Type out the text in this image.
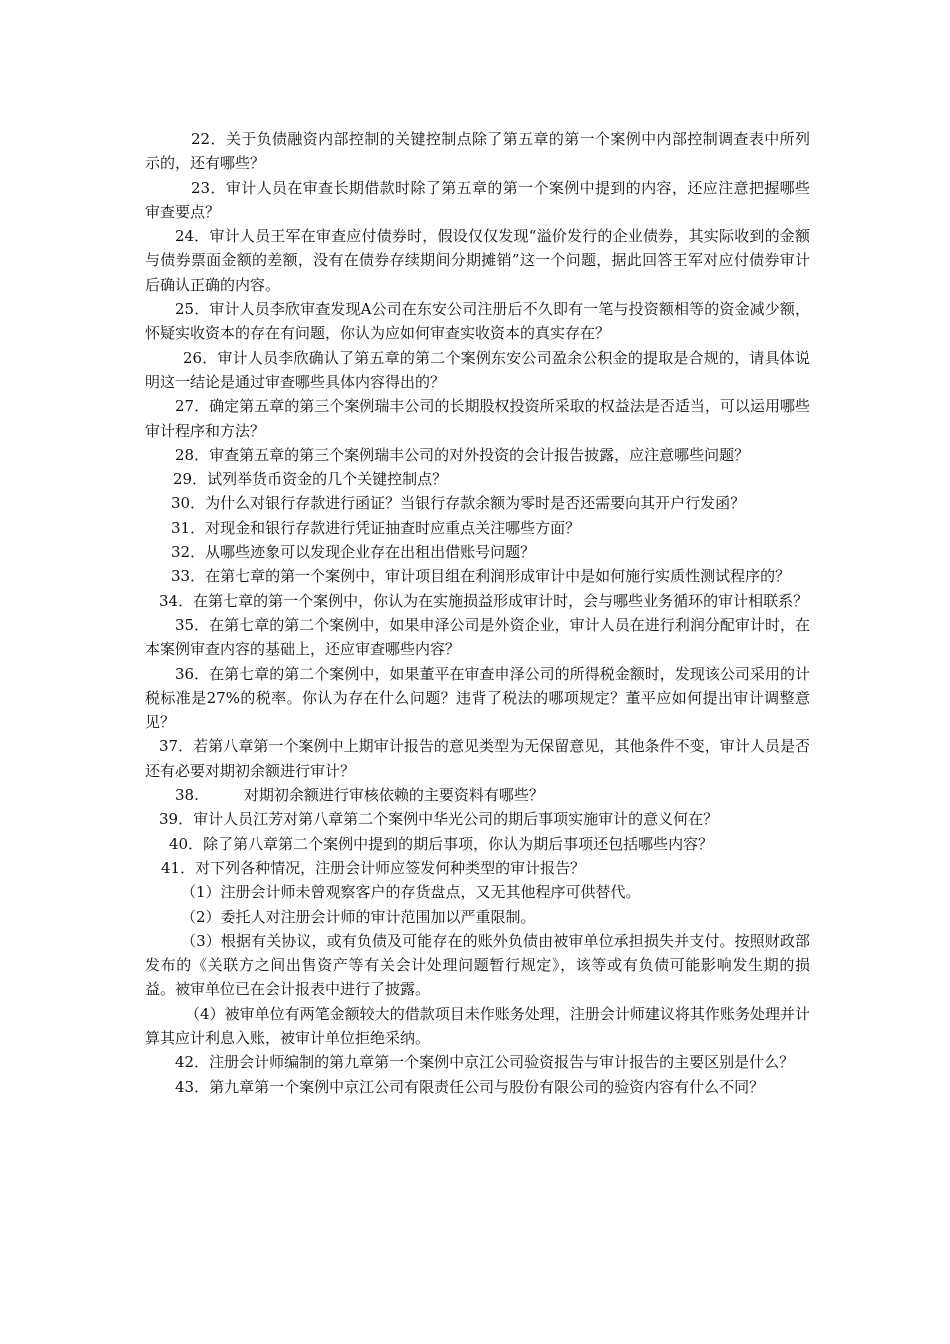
22．关于负债融资内部控制的关键控制点除了第五章的第一个案例中内部控制调查表中所列示的，还有哪些？

23．审计人员在审查长期借款时除了第五章的第一个案例中提到的内容，还应注意把握哪些审查要点？

24．审计人员王军在审查应付债券时，假设仅仅发现“溢价发行的企业债券，其实际收到的金额与债券票面金额的差额，没有在债券存续期间分期摊销”这一个问题，据此回答王军对应付债券审计后确认正确的内容。

25．审计人员李欣审查发现A公司在东安公司注册后不久即有一笔与投资额相等的资金减少额，怀疑实收资本的存在有问题，你认为应如何审查实收资本的真实存在？

26．审计人员李欣确认了第五章的第二个案例东安公司盈余公积金的提取是合规的，请具体说明这一结论是通过审查哪些具体内容得出的？

27．确定第五章的第三个案例瑞丰公司的长期股权投资所采取的权益法是否适当，可以运用哪些审计程序和方法？

28．审查第五章的第三个案例瑞丰公司的对外投资的会计报告披露，应注意哪些问题？

29．试列举货币资金的几个关键控制点？

30．为什么对银行存款进行函证？当银行存款余额为零时是否还需要向其开户行发函？

31．对现金和银行存款进行凭证抽查时应重点关注哪些方面？

32．从哪些迹象可以发现企业存在出租出借账号问题？

33．在第七章的第一个案例中，审计项目组在利润形成审计中是如何施行实质性测试程序的？

34．在第七章的第一个案例中，你认为在实施损益形成审计时，会与哪些业务循环的审计相联系？

35．在第七章的第二个案例中，如果申泽公司是外资企业，审计人员在进行利润分配审计时，在本案例审查内容的基础上，还应审查哪些内容？

36．在第七章的第二个案例中，如果董平在审查申泽公司的所得税金额时，发现该公司采用的计税标准是27%的税率。你认为存在什么问题？违背了税法的哪项规定？董平应如何提出审计调整意见？

37．若第八章第一个案例中上期审计报告的意见类型为无保留意见，其他条件不变，审计人员是否还有必要对期初余额进行审计？

38.　　　对期初余额进行审核依赖的主要资料有哪些？

39．审计人员江芳对第八章第二个案例中华光公司的期后事项实施审计的意义何在？

40．除了第八章第二个案例中提到的期后事项，你认为期后事项还包括哪些内容？

41．对下列各种情况，注册会计师应签发何种类型的审计报告？

（1）注册会计师未曾观察客户的存货盘点，又无其他程序可供替代。

（2）委托人对注册会计师的审计范围加以严重限制。

（3）根据有关协议，或有负债及可能存在的账外负债由被审单位承担损失并支付。按照财政部发布的《关联方之间出售资产等有关会计处理问题暂行规定》，该等或有负债可能影响发生期的损益。被审单位已在会计报表中进行了披露。

（4）被审单位有两笔金额较大的借款项目未作账务处理，注册会计师建议将其作账务处理并计算其应计利息入账，被审计单位拒绝采纳。

42．注册会计师编制的第九章第一个案例中京江公司验资报告与审计报告的主要区别是什么？

43．第九章第一个案例中京江公司有限责任公司与股份有限公司的验资内容有什么不同？
